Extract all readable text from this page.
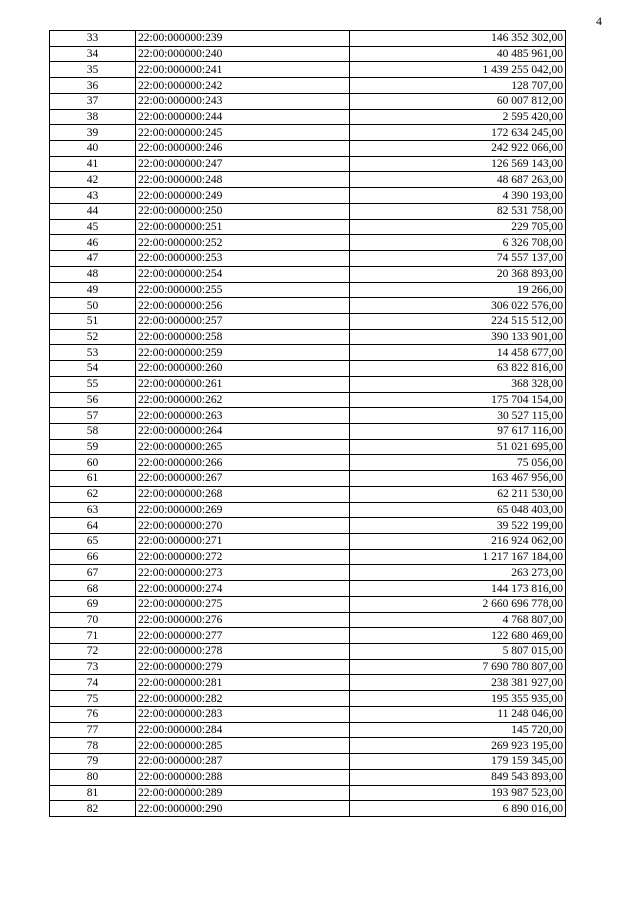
4
33	22:00:000000:239	146 352 302,00
34	22:00:000000:240	40 485 961,00
35	22:00:000000:241	1 439 255 042,00
36	22:00:000000:242	128 707,00
37	22:00:000000:243	60 007 812,00
38	22:00:000000:244	2 595 420,00
39	22:00:000000:245	172 634 245,00
40	22:00:000000:246	242 922 066,00
41	22:00:000000:247	126 569 143,00
42	22:00:000000:248	48 687 263,00
43	22:00:000000:249	4 390 193,00
44	22:00:000000:250	82 531 758,00
45	22:00:000000:251	229 705,00
46	22:00:000000:252	6 326 708,00
47	22:00:000000:253	74 557 137,00
48	22:00:000000:254	20 368 893,00
49	22:00:000000:255	19 266,00
50	22:00:000000:256	306 022 576,00
51	22:00:000000:257	224 515 512,00
52	22:00:000000:258	390 133 901,00
53	22:00:000000:259	14 458 677,00
54	22:00:000000:260	63 822 816,00
55	22:00:000000:261	368 328,00
56	22:00:000000:262	175 704 154,00
57	22:00:000000:263	30 527 115,00
58	22:00:000000:264	97 617 116,00
59	22:00:000000:265	51 021 695,00
60	22:00:000000:266	75 056,00
61	22:00:000000:267	163 467 956,00
62	22:00:000000:268	62 211 530,00
63	22:00:000000:269	65 048 403,00
64	22:00:000000:270	39 522 199,00
65	22:00:000000:271	216 924 062,00
66	22:00:000000:272	1 217 167 184,00
67	22:00:000000:273	263 273,00
68	22:00:000000:274	144 173 816,00
69	22:00:000000:275	2 660 696 778,00
70	22:00:000000:276	4 768 807,00
71	22:00:000000:277	122 680 469,00
72	22:00:000000:278	5 807 015,00
73	22:00:000000:279	7 690 780 807,00
74	22:00:000000:281	238 381 927,00
75	22:00:000000:282	195 355 935,00
76	22:00:000000:283	11 248 046,00
77	22:00:000000:284	145 720,00
78	22:00:000000:285	269 923 195,00
79	22:00:000000:287	179 159 345,00
80	22:00:000000:288	849 543 893,00
81	22:00:000000:289	193 987 523,00
82	22:00:000000:290	6 890 016,00
